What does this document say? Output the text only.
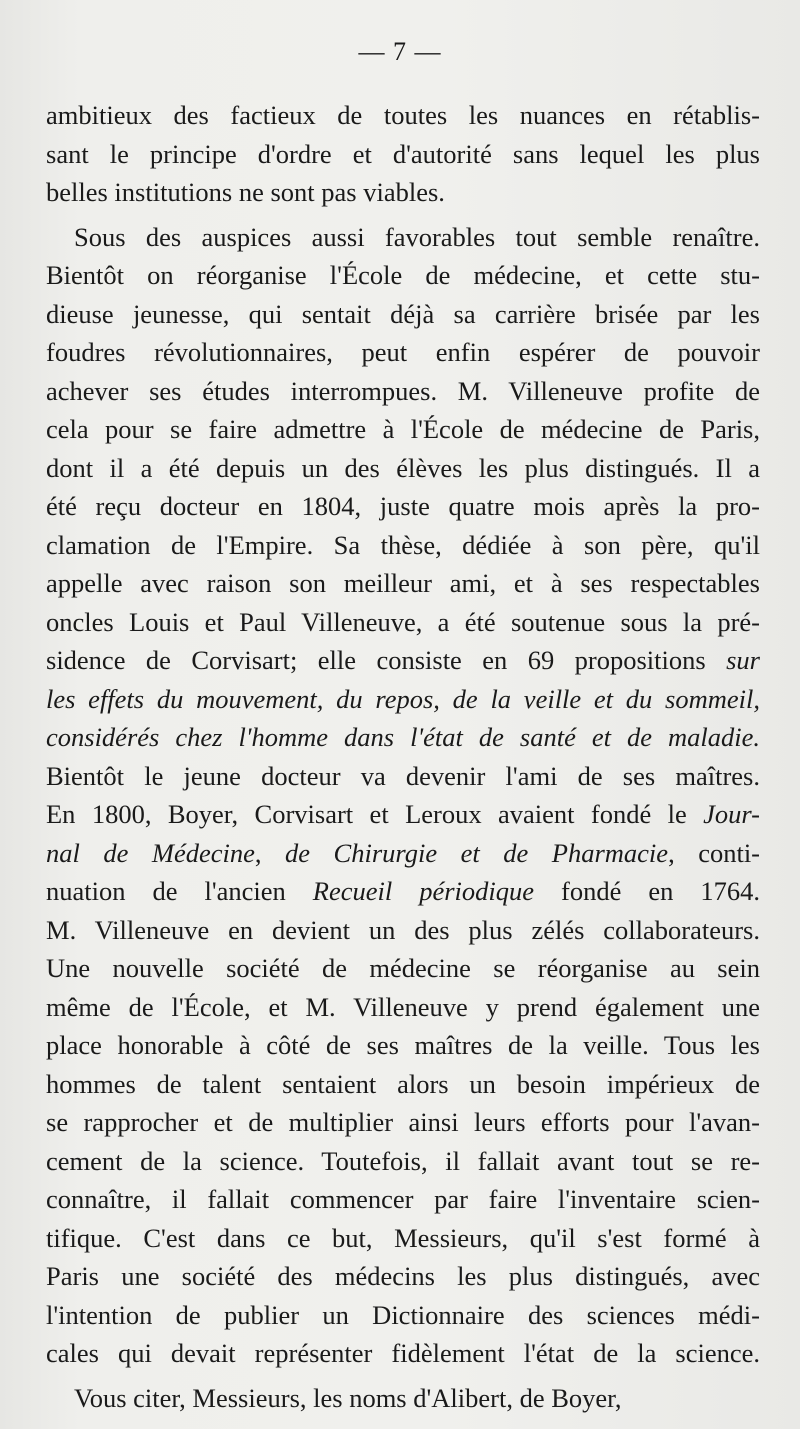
— 7 —
ambitieux des factieux de toutes les nuances en rétablis-
sant le principe d'ordre et d'autorité sans lequel les plus
belles institutions ne sont pas viables.
Sous des auspices aussi favorables tout semble renaître.
Bientôt on réorganise l'École de médecine, et cette stu-
dieuse jeunesse, qui sentait déjà sa carrière brisée par les
foudres révolutionnaires, peut enfin espérer de pouvoir
achever ses études interrompues. M. Villeneuve profite de
cela pour se faire admettre à l'École de médecine de Paris,
dont il a été depuis un des élèves les plus distingués. Il a
été reçu docteur en 1804, juste quatre mois après la pro-
clamation de l'Empire. Sa thèse, dédiée à son père, qu'il
appelle avec raison son meilleur ami, et à ses respectables
oncles Louis et Paul Villeneuve, a été soutenue sous la pré-
sidence de Corvisart; elle consiste en 69 propositions sur
les effets du mouvement, du repos, de la veille et du sommeil,
considérés chez l'homme dans l'état de santé et de maladie.
Bientôt le jeune docteur va devenir l'ami de ses maîtres.
En 1800, Boyer, Corvisart et Leroux avaient fondé le Jour-
nal de Médecine, de Chirurgie et de Pharmacie, conti-
nuation de l'ancien Recueil périodique fondé en 1764.
M. Villeneuve en devient un des plus zélés collaborateurs.
Une nouvelle société de médecine se réorganise au sein
même de l'École, et M. Villeneuve y prend également une
place honorable à côté de ses maîtres de la veille. Tous les
hommes de talent sentaient alors un besoin impérieux de
se rapprocher et de multiplier ainsi leurs efforts pour l'avan-
cement de la science. Toutefois, il fallait avant tout se re-
connaître, il fallait commencer par faire l'inventaire scien-
tifique. C'est dans ce but, Messieurs, qu'il s'est formé à
Paris une société des médecins les plus distingués, avec
l'intention de publier un Dictionnaire des sciences médi-
cales qui devait représenter fidèlement l'état de la science.
Vous citer, Messieurs, les noms d'Alibert, de Boyer,
